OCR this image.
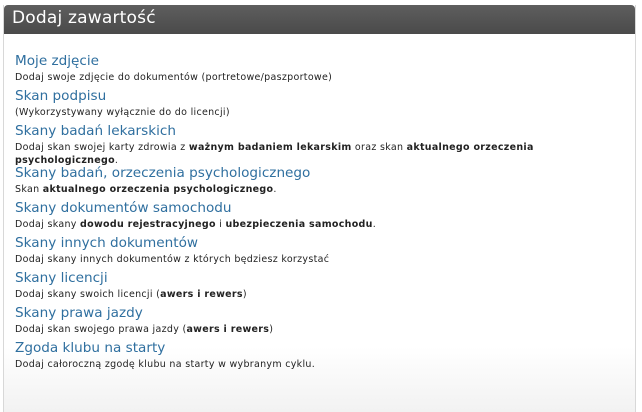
Dodaj zawartość
Moje zdjęcie
Dodaj swoje zdjęcie do dokumentów (portretowe/paszportowe)
Skan podpisu
(Wykorzystywany wyłącznie do do licencji)
Skany badań lekarskich
Dodaj skan swojej karty zdrowia z ważnym badaniem lekarskim oraz skan aktualnego orzeczenia psychologicznego.
Skany badań, orzeczenia psychologicznego
Skan aktualnego orzeczenia psychologicznego.
Skany dokumentów samochodu
Dodaj skany dowodu rejestracyjnego i ubezpieczenia samochodu.
Skany innych dokumentów
Dodaj skany innych dokumentów z których będziesz korzystać
Skany licencji
Dodaj skany swoich licencji (awers i rewers)
Skany prawa jazdy
Dodaj skan swojego prawa jazdy (awers i rewers)
Zgoda klubu na starty
Dodaj całoroczną zgodę klubu na starty w wybranym cyklu.
